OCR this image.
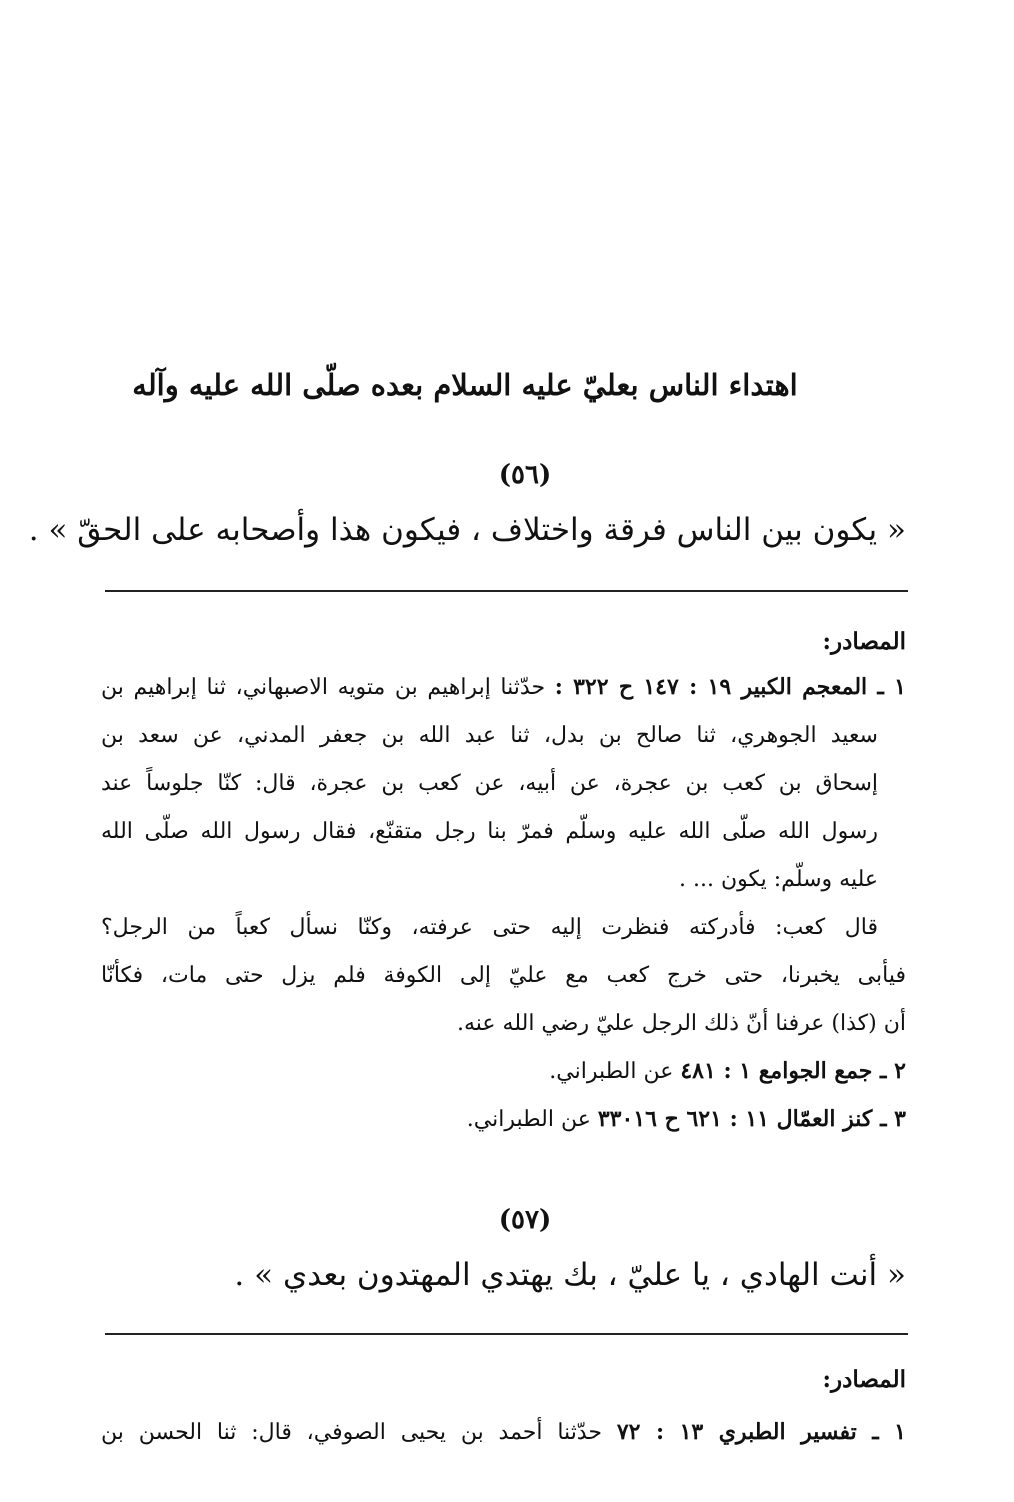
اهتداء الناس بعليّ عليه السلام بعده صلّى الله عليه وآله
(٥٦)
« يكون بين الناس فرقة واختلاف ، فيكون هذا وأصحابه على الحقّ » .
المصادر:
١ ـ المعجم الكبير ١٩ : ١٤٧ ح ٣٢٢ : حدّثنا إبراهيم بن متويه الاصبهاني، ثنا إبراهيم بن
سعيد الجوهري، ثنا صالح بن بدل، ثنا عبد الله بن جعفر المدني، عن سعد بن
إسحاق بن كعب بن عجرة، عن أبيه، عن كعب بن عجرة، قال: كنّا جلوساً عند
رسول الله صلّى الله عليه وسلّم فمرّ بنا رجل متقنّع، فقال رسول الله صلّى الله
عليه وسلّم: يكون ... .
قال كعب: فأدركته فنظرت إليه حتى عرفته، وكنّا نسأل كعباً من الرجل؟
فيأبى يخبرنا، حتى خرج كعب مع عليّ إلى الكوفة فلم يزل حتى مات، فكأنّا
أن (كذا) عرفنا أنّ ذلك الرجل عليّ رضي الله عنه.
٢ ـ جمع الجوامع ١ : ٤٨١ عن الطبراني.
٣ ـ كنز العمّال ١١ : ٦٢١ ح ٣٣٠١٦ عن الطبراني.
(٥٧)
« أنت الهادي ، يا عليّ ، بك يهتدي المهتدون بعدي » .
المصادر:
١ ـ تفسير الطبري ١٣ : ٧٢ حدّثنا أحمد بن يحيى الصوفي، قال: ثنا الحسن بن
